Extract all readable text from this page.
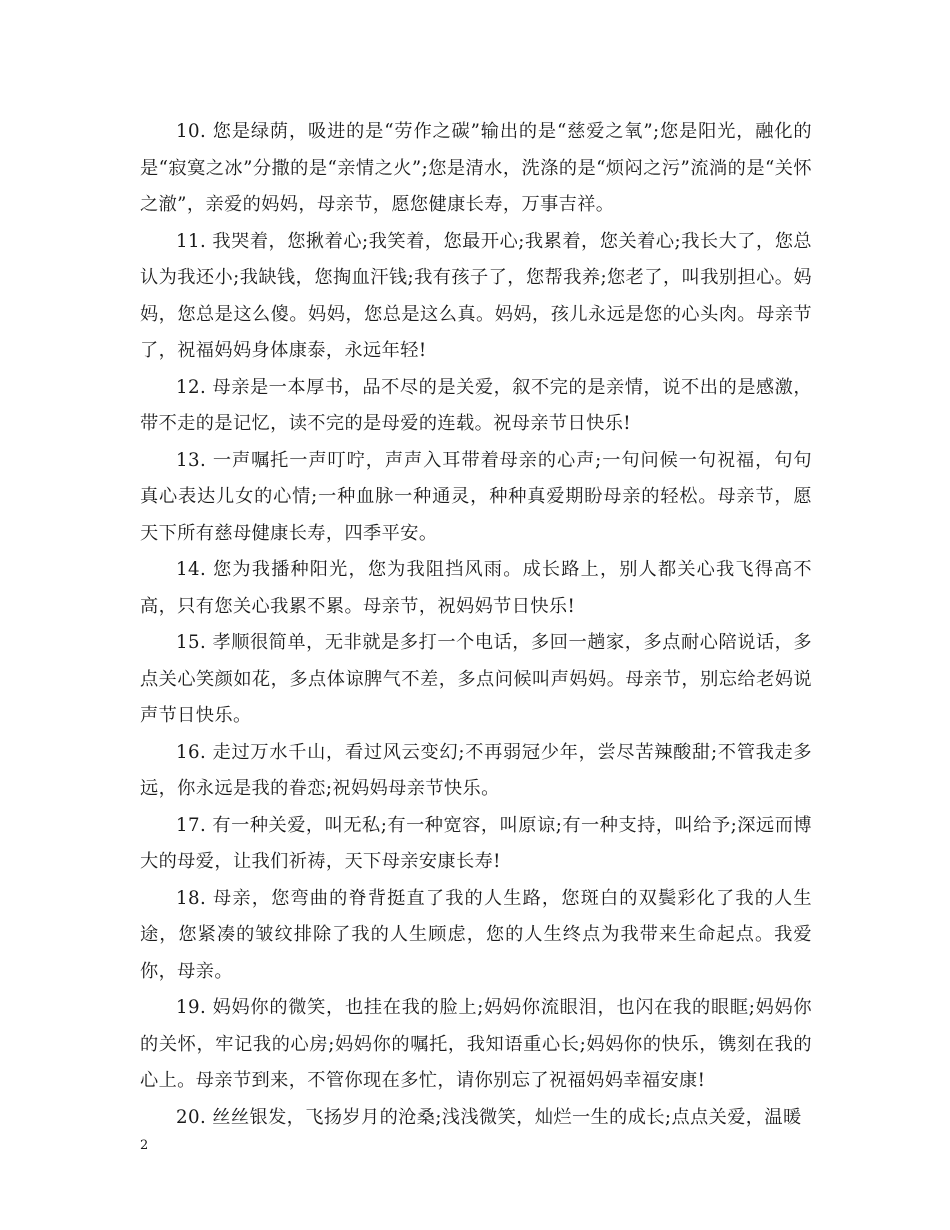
10. 您是绿荫，吸进的是“劳作之碳”输出的是“慈爱之氧”;您是阳光，融化的是“寂寞之冰”分撒的是“亲情之火”;您是清水，洗涤的是“烦闷之污”流淌的是“关怀之澈”，亲爱的妈妈，母亲节，愿您健康长寿，万事吉祥。

11. 我哭着，您揪着心;我笑着，您最开心;我累着，您关着心;我长大了，您总认为我还小;我缺钱，您掏血汗钱;我有孩子了，您帮我养;您老了，叫我别担心。妈妈，您总是这么傻。妈妈，您总是这么真。妈妈，孩儿永远是您的心头肉。母亲节了，祝福妈妈身体康泰，永远年轻!

12. 母亲是一本厚书，品不尽的是关爱，叙不完的是亲情，说不出的是感激，带不走的是记忆，读不完的是母爱的连载。祝母亲节日快乐!

13. 一声嘱托一声叮咛，声声入耳带着母亲的心声;一句问候一句祝福，句句真心表达儿女的心情;一种血脉一种通灵，种种真爱期盼母亲的轻松。母亲节，愿天下所有慈母健康长寿，四季平安。

14. 您为我播种阳光，您为我阻挡风雨。成长路上，别人都关心我飞得高不高，只有您关心我累不累。母亲节，祝妈妈节日快乐!

15. 孝顺很简单，无非就是多打一个电话，多回一趟家，多点耐心陪说话，多点关心笑颜如花，多点体谅脾气不差，多点问候叫声妈妈。母亲节，别忘给老妈说声节日快乐。

16. 走过万水千山，看过风云变幻;不再弱冠少年，尝尽苦辣酸甜;不管我走多远，你永远是我的眷恋;祝妈妈母亲节快乐。

17. 有一种关爱，叫无私;有一种宽容，叫原谅;有一种支持，叫给予;深远而博大的母爱，让我们祈祷，天下母亲安康长寿!

18. 母亲，您弯曲的脊背挺直了我的人生路，您斑白的双鬓彩化了我的人生途，您紧凑的皱纹排除了我的人生顾虑，您的人生终点为我带来生命起点。我爱你，母亲。

19. 妈妈你的微笑，也挂在我的脸上;妈妈你流眼泪，也闪在我的眼眶;妈妈你的关怀，牢记我的心房;妈妈你的嘱托，我知语重心长;妈妈你的快乐，镌刻在我的心上。母亲节到来，不管你现在多忙，请你别忘了祝福妈妈幸福安康!

20. 丝丝银发，飞扬岁月的沧桑;浅浅微笑，灿烂一生的成长;点点关爱，温暖

2
